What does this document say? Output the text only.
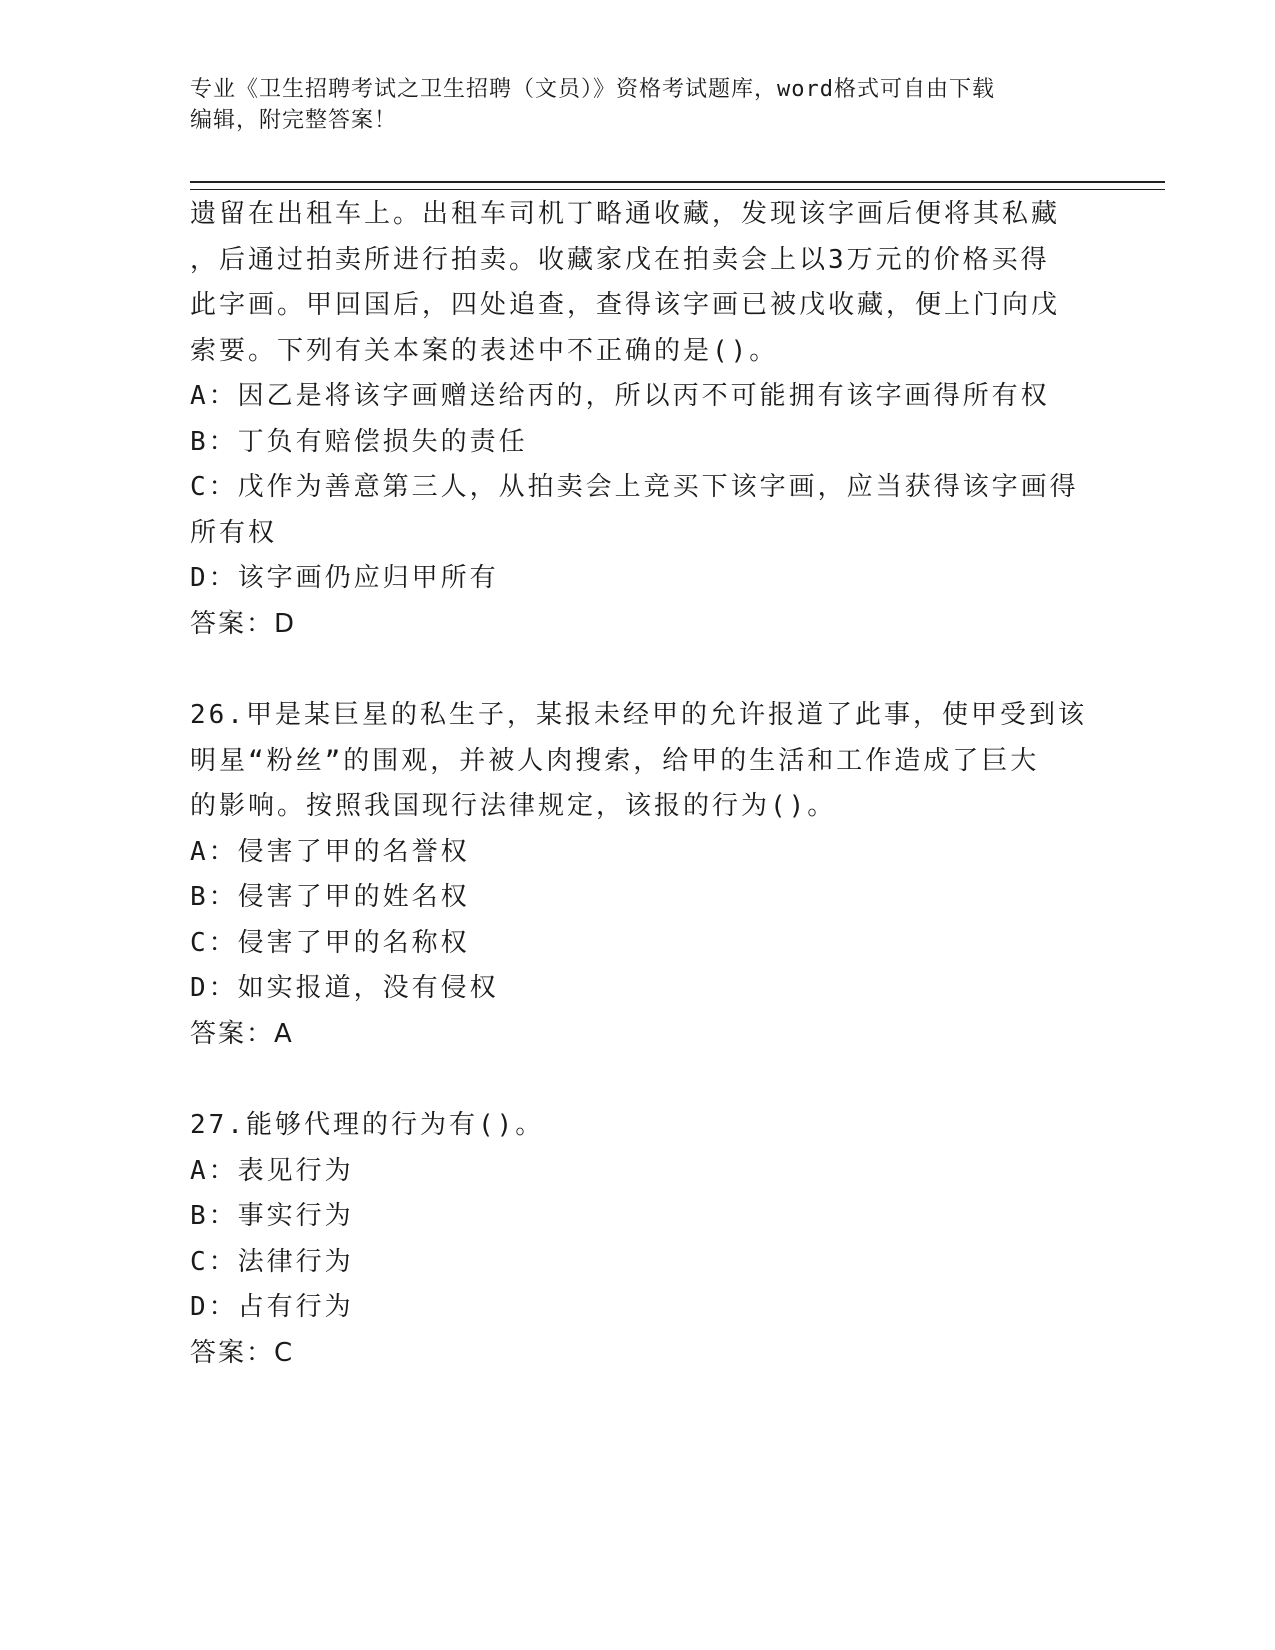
专业《卫生招聘考试之卫生招聘（文员）》资格考试题库，word格式可自由下载
编辑，附完整答案！

遗留在出租车上。出租车司机丁略通收藏，发现该字画后便将其私藏

，后通过拍卖所进行拍卖。收藏家戊在拍卖会上以3万元的价格买得

此字画。甲回国后，四处追查，查得该字画已被戊收藏，便上门向戊

索要。下列有关本案的表述中不正确的是()。

A：因乙是将该字画赠送给丙的，所以丙不可能拥有该字画得所有权

B：丁负有赔偿损失的责任

C：戊作为善意第三人，从拍卖会上竞买下该字画，应当获得该字画得

所有权

D：该字画仍应归甲所有

答案：D

26.甲是某巨星的私生子，某报未经甲的允许报道了此事，使甲受到该

明星“粉丝”的围观，并被人肉搜索，给甲的生活和工作造成了巨大

的影响。按照我国现行法律规定，该报的行为()。

A：侵害了甲的名誉权

B：侵害了甲的姓名权

C：侵害了甲的名称权

D：如实报道，没有侵权

答案：A

27.能够代理的行为有()。

A：表见行为

B：事实行为

C：法律行为

D：占有行为

答案：C
